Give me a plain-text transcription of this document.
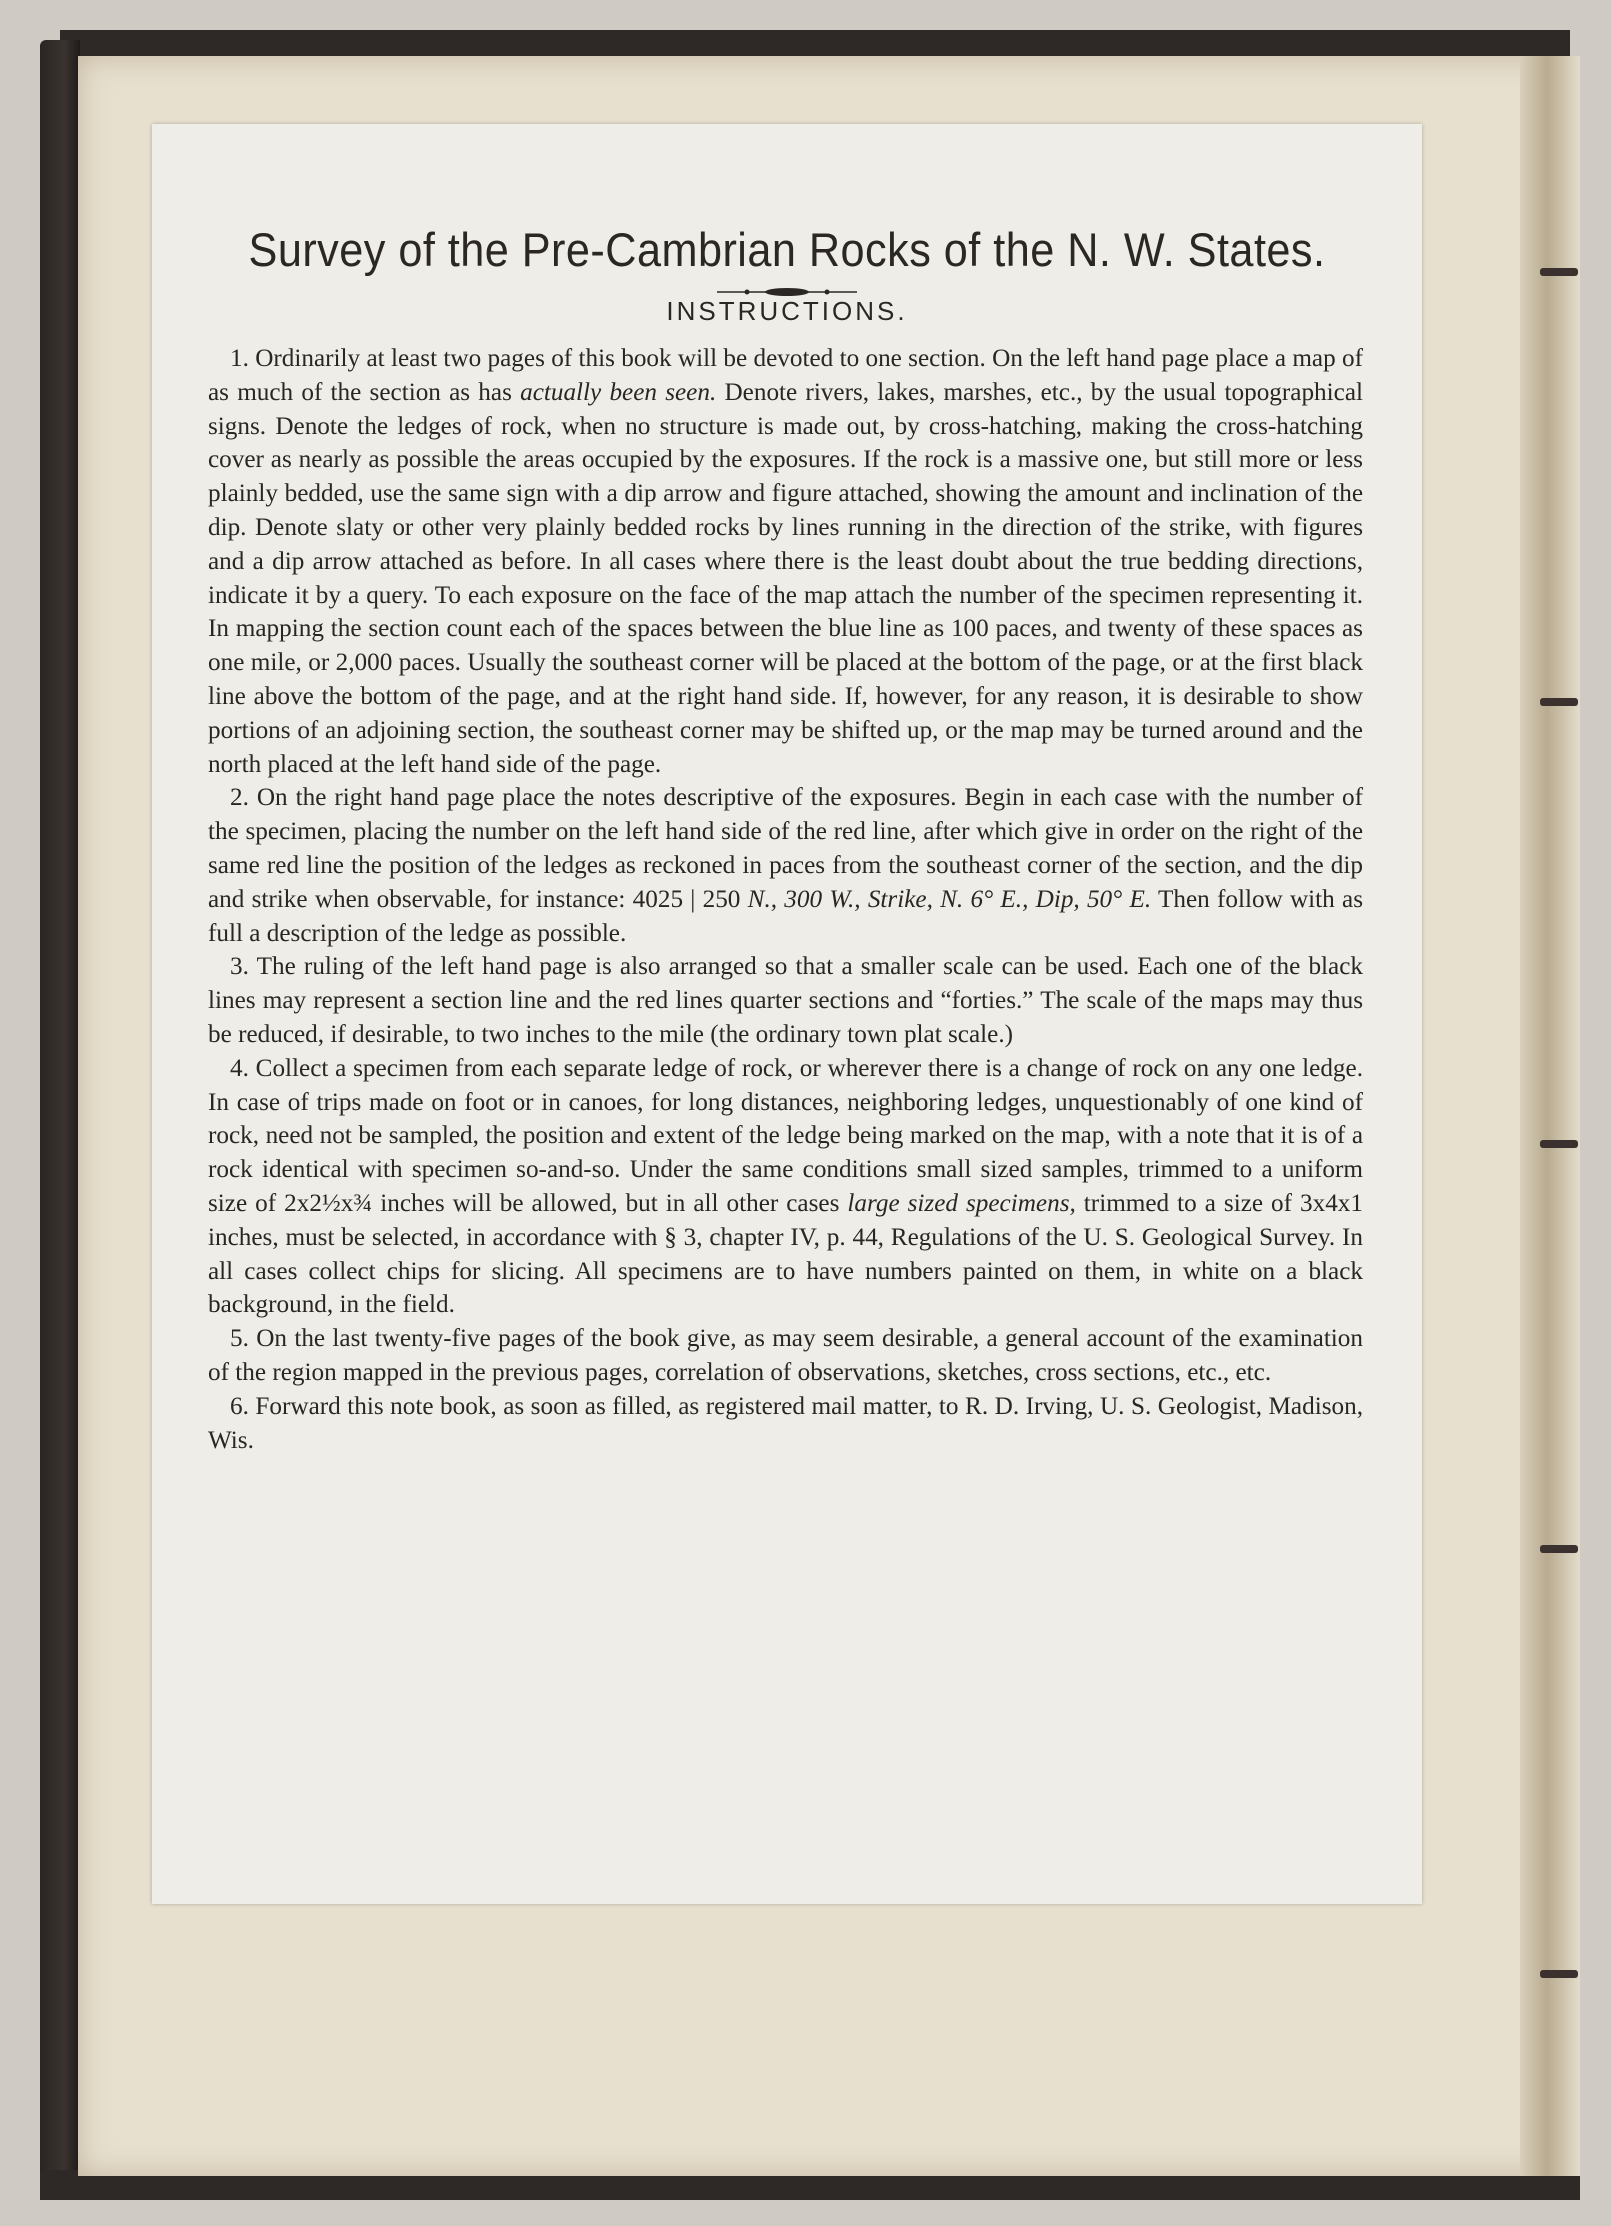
Survey of the Pre-Cambrian Rocks of the N. W. States.
INSTRUCTIONS.

1. Ordinarily at least two pages of this book will be devoted to one section. On the left hand page place a map of as much of the section as has actually been seen. Denote rivers, lakes, marshes, etc., by the usual topographical signs. Denote the ledges of rock, when no structure is made out, by cross-hatching, making the cross-hatching cover as nearly as possible the areas occupied by the exposures. If the rock is a massive one, but still more or less plainly bedded, use the same sign with a dip arrow and figure attached, showing the amount and inclination of the dip. Denote slaty or other very plainly bedded rocks by lines running in the direction of the strike, with figures and a dip arrow attached as before. In all cases where there is the least doubt about the true bedding directions, indicate it by a query. To each exposure on the face of the map attach the number of the specimen representing it. In mapping the section count each of the spaces between the blue line as 100 paces, and twenty of these spaces as one mile, or 2,000 paces. Usually the southeast corner will be placed at the bottom of the page, or at the first black line above the bottom of the page, and at the right hand side. If, however, for any reason, it is desirable to show portions of an adjoining section, the southeast corner may be shifted up, or the map may be turned around and the north placed at the left hand side of the page.

2. On the right hand page place the notes descriptive of the exposures. Begin in each case with the number of the specimen, placing the number on the left hand side of the red line, after which give in order on the right of the same red line the position of the ledges as reckoned in paces from the southeast corner of the section, and the dip and strike when observable, for instance: 4025 | 250 N., 300 W., Strike, N. 6° E., Dip, 50° E. Then follow with as full a description of the ledge as possible.

3. The ruling of the left hand page is also arranged so that a smaller scale can be used. Each one of the black lines may represent a section line and the red lines quarter sections and “forties.” The scale of the maps may thus be reduced, if desirable, to two inches to the mile (the ordinary town plat scale.)

4. Collect a specimen from each separate ledge of rock, or wherever there is a change of rock on any one ledge. In case of trips made on foot or in canoes, for long distances, neighboring ledges, unquestionably of one kind of rock, need not be sampled, the position and extent of the ledge being marked on the map, with a note that it is of a rock identical with specimen so-and-so. Under the same conditions small sized samples, trimmed to a uniform size of 2x2½x¾ inches will be allowed, but in all other cases large sized specimens, trimmed to a size of 3x4x1 inches, must be selected, in accordance with § 3, chapter IV, p. 44, Regulations of the U. S. Geological Survey. In all cases collect chips for slicing. All specimens are to have numbers painted on them, in white on a black background, in the field.

5. On the last twenty-five pages of the book give, as may seem desirable, a general account of the examination of the region mapped in the previous pages, correlation of observations, sketches, cross sections, etc., etc.

6. Forward this note book, as soon as filled, as registered mail matter, to R. D. Irving, U. S. Geologist, Madison, Wis.
